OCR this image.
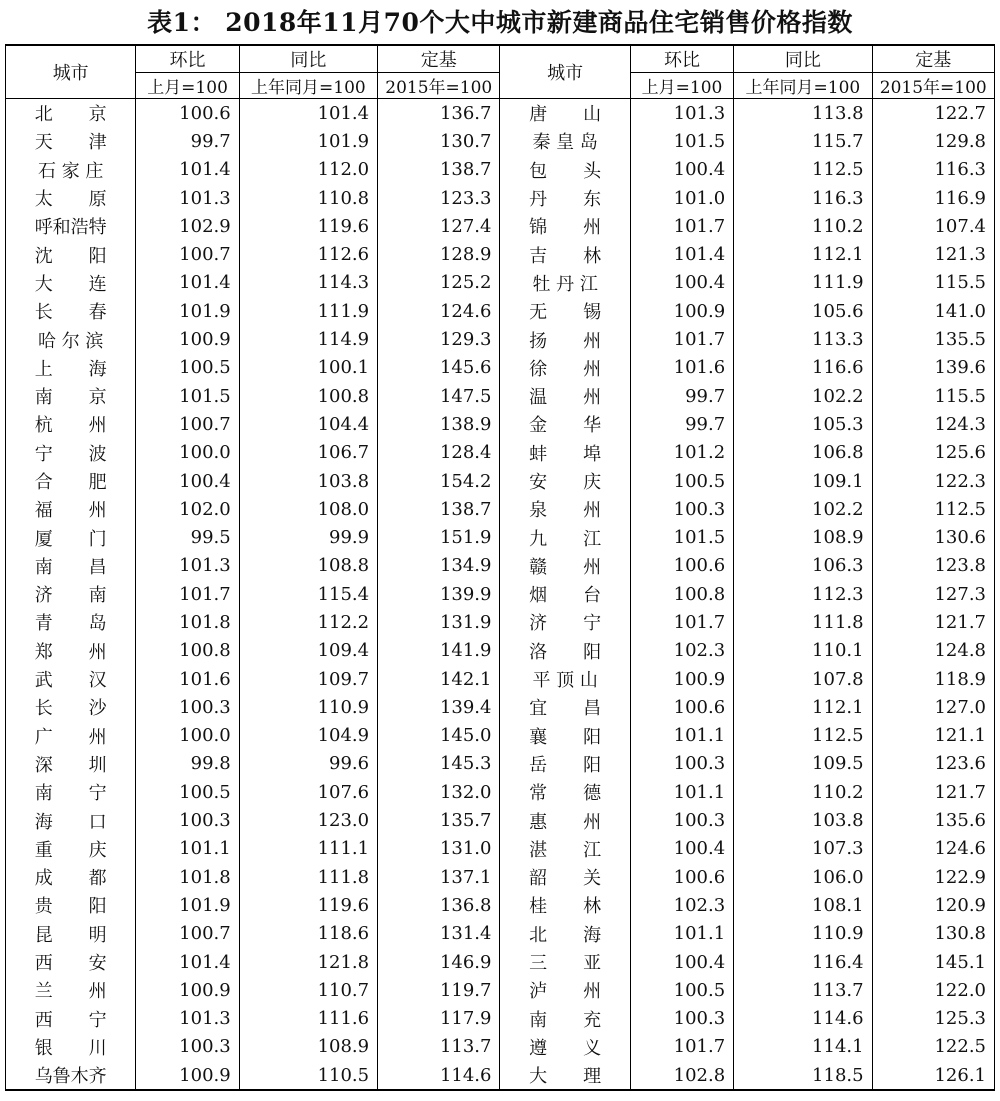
表1： 2018年11月70个大中城市新建商品住宅销售价格指数
城市	环比	同比	定基	城市	环比	同比	定基
	上月=100	上年同月=100	2015年=100		上月=100	上年同月=100	2015年=100
北　　京	100.6	101.4	136.7	唐　　山	101.3	113.8	122.7
天　　津	99.7	101.9	130.7	秦 皇 岛	101.5	115.7	129.8
石 家 庄	101.4	112.0	138.7	包　　头	100.4	112.5	116.3
太　　原	101.3	110.8	123.3	丹　　东	101.0	116.3	116.9
呼和浩特	102.9	119.6	127.4	锦　　州	101.7	110.2	107.4
沈　　阳	100.7	112.6	128.9	吉　　林	101.4	112.1	121.3
大　　连	101.4	114.3	125.2	牡 丹 江	100.4	111.9	115.5
长　　春	101.9	111.9	124.6	无　　锡	100.9	105.6	141.0
哈 尔 滨	100.9	114.9	129.3	扬　　州	101.7	113.3	135.5
上　　海	100.5	100.1	145.6	徐　　州	101.6	116.6	139.6
南　　京	101.5	100.8	147.5	温　　州	99.7	102.2	115.5
杭　　州	100.7	104.4	138.9	金　　华	99.7	105.3	124.3
宁　　波	100.0	106.7	128.4	蚌　　埠	101.2	106.8	125.6
合　　肥	100.4	103.8	154.2	安　　庆	100.5	109.1	122.3
福　　州	102.0	108.0	138.7	泉　　州	100.3	102.2	112.5
厦　　门	99.5	99.9	151.9	九　　江	101.5	108.9	130.6
南　　昌	101.3	108.8	134.9	赣　　州	100.6	106.3	123.8
济　　南	101.7	115.4	139.9	烟　　台	100.8	112.3	127.3
青　　岛	101.8	112.2	131.9	济　　宁	101.7	111.8	121.7
郑　　州	100.8	109.4	141.9	洛　　阳	102.3	110.1	124.8
武　　汉	101.6	109.7	142.1	平 顶 山	100.9	107.8	118.9
长　　沙	100.3	110.9	139.4	宜　　昌	100.6	112.1	127.0
广　　州	100.0	104.9	145.0	襄　　阳	101.1	112.5	121.1
深　　圳	99.8	99.6	145.3	岳　　阳	100.3	109.5	123.6
南　　宁	100.5	107.6	132.0	常　　德	101.1	110.2	121.7
海　　口	100.3	123.0	135.7	惠　　州	100.3	103.8	135.6
重　　庆	101.1	111.1	131.0	湛　　江	100.4	107.3	124.6
成　　都	101.8	111.8	137.1	韶　　关	100.6	106.0	122.9
贵　　阳	101.9	119.6	136.8	桂　　林	102.3	108.1	120.9
昆　　明	100.7	118.6	131.4	北　　海	101.1	110.9	130.8
西　　安	101.4	121.8	146.9	三　　亚	100.4	116.4	145.1
兰　　州	100.9	110.7	119.7	泸　　州	100.5	113.7	122.0
西　　宁	101.3	111.6	117.9	南　　充	100.3	114.6	125.3
银　　川	100.3	108.9	113.7	遵　　义	101.7	114.1	122.5
乌鲁木齐	100.9	110.5	114.6	大　　理	102.8	118.5	126.1
